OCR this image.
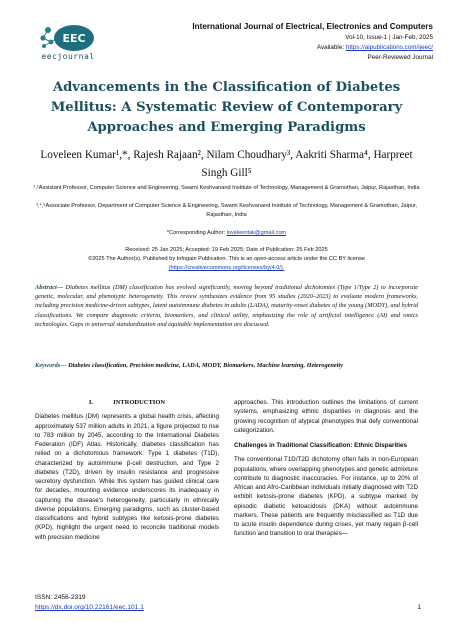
EEC
eecjournal
International Journal of Electrical, Electronics and Computers
Vol-10, Issue-1 | Jan-Feb, 2025
Available: https://aipublications.com/ijeec/
Peer-Reviewed Journal
Advancements in the Classification of Diabetes Mellitus: A Systematic Review of Contemporary Approaches and Emerging Paradigms
Loveleen Kumar¹,*, Rajesh Rajaan², Nilam Choudhary³, Aakriti Sharma⁴, Harpreet Singh Gill⁵
¹,²Assistant Professor, Computer Science and Engineering, Swami Keshvanand Institute of Technology, Management & Gramothan, Jaipur, Rajasthan, India
³,⁴,⁵Associate Professor, Department of Computer Science & Engineering, Swami Keshvanand Institute of Technology, Management & Gramothan, Jaipur, Rajasthan, India
*Corresponding Author: loveleentak@gmail.com
Received: 25 Jan 2025; Accepted: 19 Feb 2025; Date of Publication: 25 Feb 2025
©2025 The Author(s). Published by Infogain Publication. This is an open-access article under the CC BY license
(https://creativecommons.org/licenses/by/4.0/).
Abstract— Diabetes mellitus (DM) classification has evolved significantly, moving beyond traditional dichotomies (Type 1/Type 2) to incorporate genetic, molecular, and phenotypic heterogeneity. This review synthesizes evidence from 95 studies (2020–2023) to evaluate modern frameworks, including precision medicine-driven subtypes, latent autoimmune diabetes in adults (LADA), maturity-onset diabetes of the young (MODY), and hybrid classifications. We compare diagnostic criteria, biomarkers, and clinical utility, emphasizing the role of artificial intelligence (AI) and omics technologies. Gaps in universal standardization and equitable implementation are discussed.
Keywords— Diabetes classification, Precision medicine, LADA, MODY, Biomarkers, Machine learning, Heterogeneity
I.	INTRODUCTION

Diabetes mellitus (DM) represents a global health crisis, affecting approximately 537 million adults in 2021, a figure projected to rise to 783 million by 2045, according to the International Diabetes Federation (IDF) Atlas. Historically, diabetes classification has relied on a dichotomous framework: Type 1 diabetes (T1D), characterized by autoimmune β-cell destruction, and Type 2 diabetes (T2D), driven by insulin resistance and progressive secretory dysfunction. While this system has guided clinical care for decades, mounting evidence underscores its inadequacy in capturing the disease's heterogeneity, particularly in ethnically diverse populations. Emerging paradigms, such as cluster-based classifications and hybrid subtypes like ketosis-prone diabetes (KPD), highlight the urgent need to reconcile traditional models with precision medicine

approaches. This introduction outlines the limitations of current systems, emphasizing ethnic disparities in diagnosis and the growing recognition of atypical phenotypes that defy conventional categorization.

Challenges in Traditional Classification: Ethnic Disparities

The conventional T1D/T2D dichotomy often fails in non-European populations, where overlapping phenotypes and genetic admixture contribute to diagnostic inaccuracies. For instance, up to 20% of African and Afro-Caribbean individuals initially diagnosed with T2D exhibit ketosis-prone diabetes (KPD), a subtype marked by episodic diabetic ketoacidosis (DKA) without autoimmune markers. These patients are frequently misclassified as T1D due to acute insulin dependence during crises, yet many regain β-cell function and transition to oral therapies—

ISSN: 2456-2319
https://dx.doi.org/10.22161/eec.101.1	1
